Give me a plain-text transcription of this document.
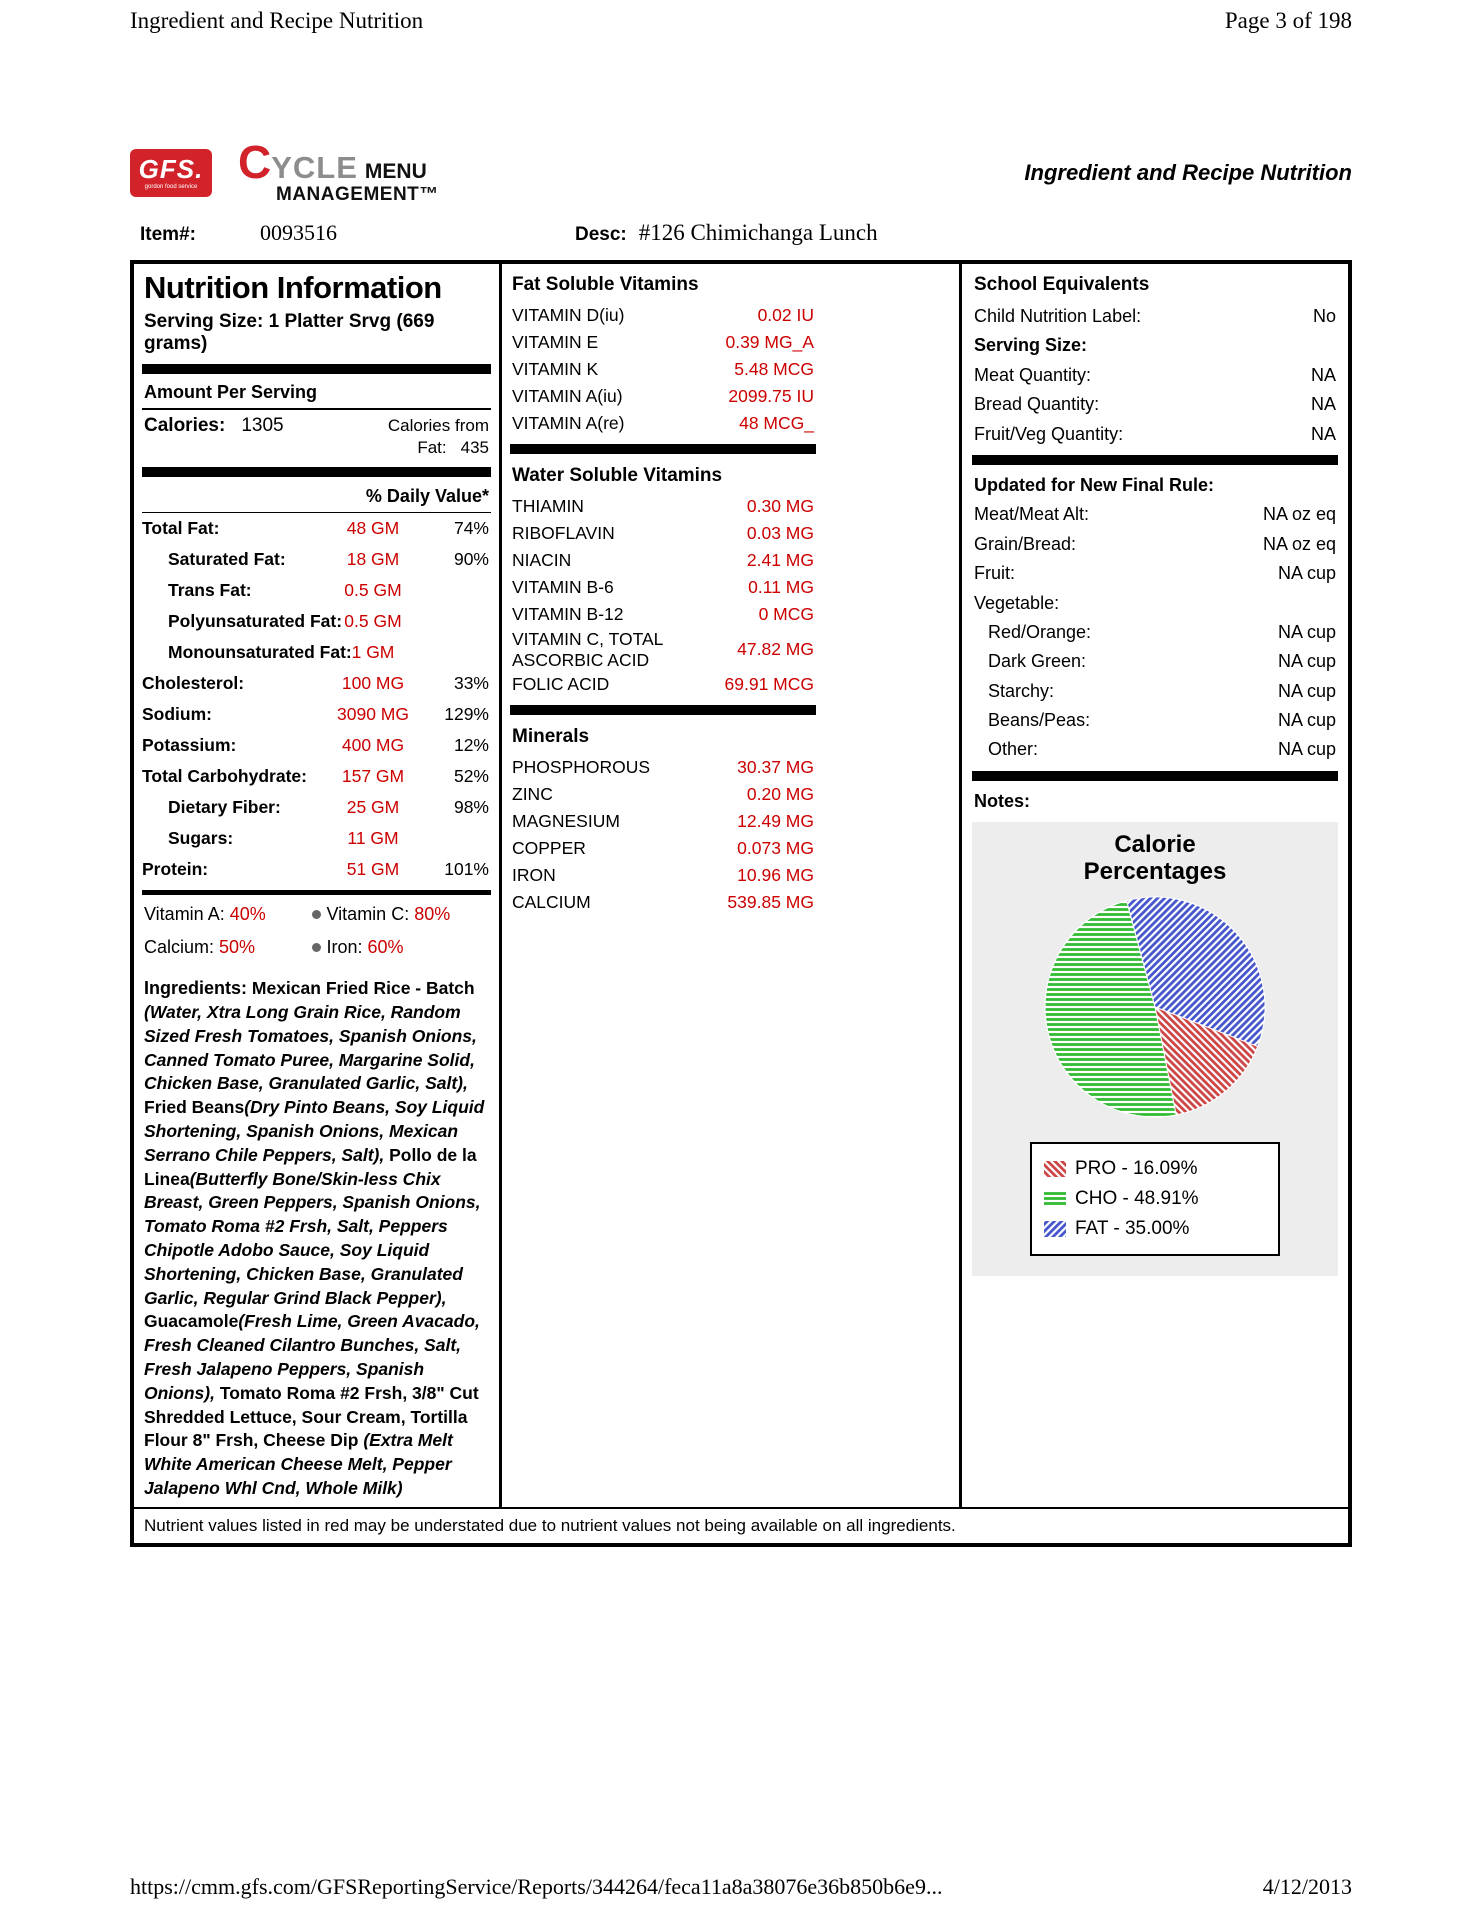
Ingredient and Recipe Nutrition	Page 3 of 198
GFS.
gordon food service C YCLE MENU
MANAGEMENT™
Ingredient and Recipe Nutrition
Item#:	0093516	Desc: #126 Chimichanga Lunch
Nutrition Information
Serving Size: 1 Platter Srvg (669 grams)
Amount Per Serving
Calories: 1305	Calories from
Fat: 435
% Daily Value*
Total Fat:	48 GM	74%
Saturated Fat:	18 GM	90%
Trans Fat:	0.5 GM
Polyunsaturated Fat: 0.5 GM
Monounsaturated Fat: 1 GM
Cholesterol:	100 MG	33%
Sodium:	3090 MG	129%
Potassium:	400 MG	12%
Total Carbohydrate:	157 GM	52%
Dietary Fiber:	25 GM	98%
Sugars:	11 GM
Protein:	51 GM	101%
Vitamin A: 40%	Vitamin C: 80%
Calcium: 50%	Iron: 60%
Ingredients: Mexican Fried Rice - Batch (Water, Xtra Long Grain Rice, Random Sized Fresh Tomatoes, Spanish Onions, Canned Tomato Puree, Margarine Solid, Chicken Base, Granulated Garlic, Salt), Fried Beans(Dry Pinto Beans, Soy Liquid Shortening, Spanish Onions, Mexican Serrano Chile Peppers, Salt), Pollo de la Linea(Butterfly Bone/Skin-less Chix Breast, Green Peppers, Spanish Onions, Tomato Roma #2 Frsh, Salt, Peppers Chipotle Adobo Sauce, Soy Liquid Shortening, Chicken Base, Granulated Garlic, Regular Grind Black Pepper), Guacamole(Fresh Lime, Green Avacado, Fresh Cleaned Cilantro Bunches, Salt, Fresh Jalapeno Peppers, Spanish Onions), Tomato Roma #2 Frsh, 3/8" Cut Shredded Lettuce, Sour Cream, Tortilla Flour 8" Frsh, Cheese Dip (Extra Melt White American Cheese Melt, Pepper Jalapeno Whl Cnd, Whole Milk)
Fat Soluble Vitamins
VITAMIN D(iu)	0.02 IU
VITAMIN E	0.39 MG_A
VITAMIN K	5.48 MCG
VITAMIN A(iu)	2099.75 IU
VITAMIN A(re)	48 MCG_
Water Soluble Vitamins
THIAMIN	0.30 MG
RIBOFLAVIN	0.03 MG
NIACIN	2.41 MG
VITAMIN B-6	0.11 MG
VITAMIN B-12	0 MCG
VITAMIN C, TOTAL ASCORBIC ACID
47.82 MG
FOLIC ACID	69.91 MCG
Minerals
PHOSPHOROUS	30.37 MG
ZINC	0.20 MG
MAGNESIUM	12.49 MG
COPPER	0.073 MG
IRON	10.96 MG
CALCIUM	539.85 MG
School Equivalents
Child Nutrition Label:	No
Serving Size:
Meat Quantity:	NA
Bread Quantity:	NA
Fruit/Veg Quantity:	NA
Updated for New Final Rule:
Meat/Meat Alt:	NA oz eq
Grain/Bread:	NA oz eq
Fruit:	NA cup
Vegetable:
Red/Orange:	NA cup
Dark Green:	NA cup
Starchy:	NA cup
Beans/Peas:	NA cup
Other:	NA cup
Notes:
Calorie Percentages
PRO - 16.09%
CHO - 48.91%
FAT - 35.00%
Nutrient values listed in red may be understated due to nutrient values not being available on all ingredients.
https://cmm.gfs.com/GFSReportingService/Reports/344264/feca11a8a38076e36b850b6e9...	4/12/2013
